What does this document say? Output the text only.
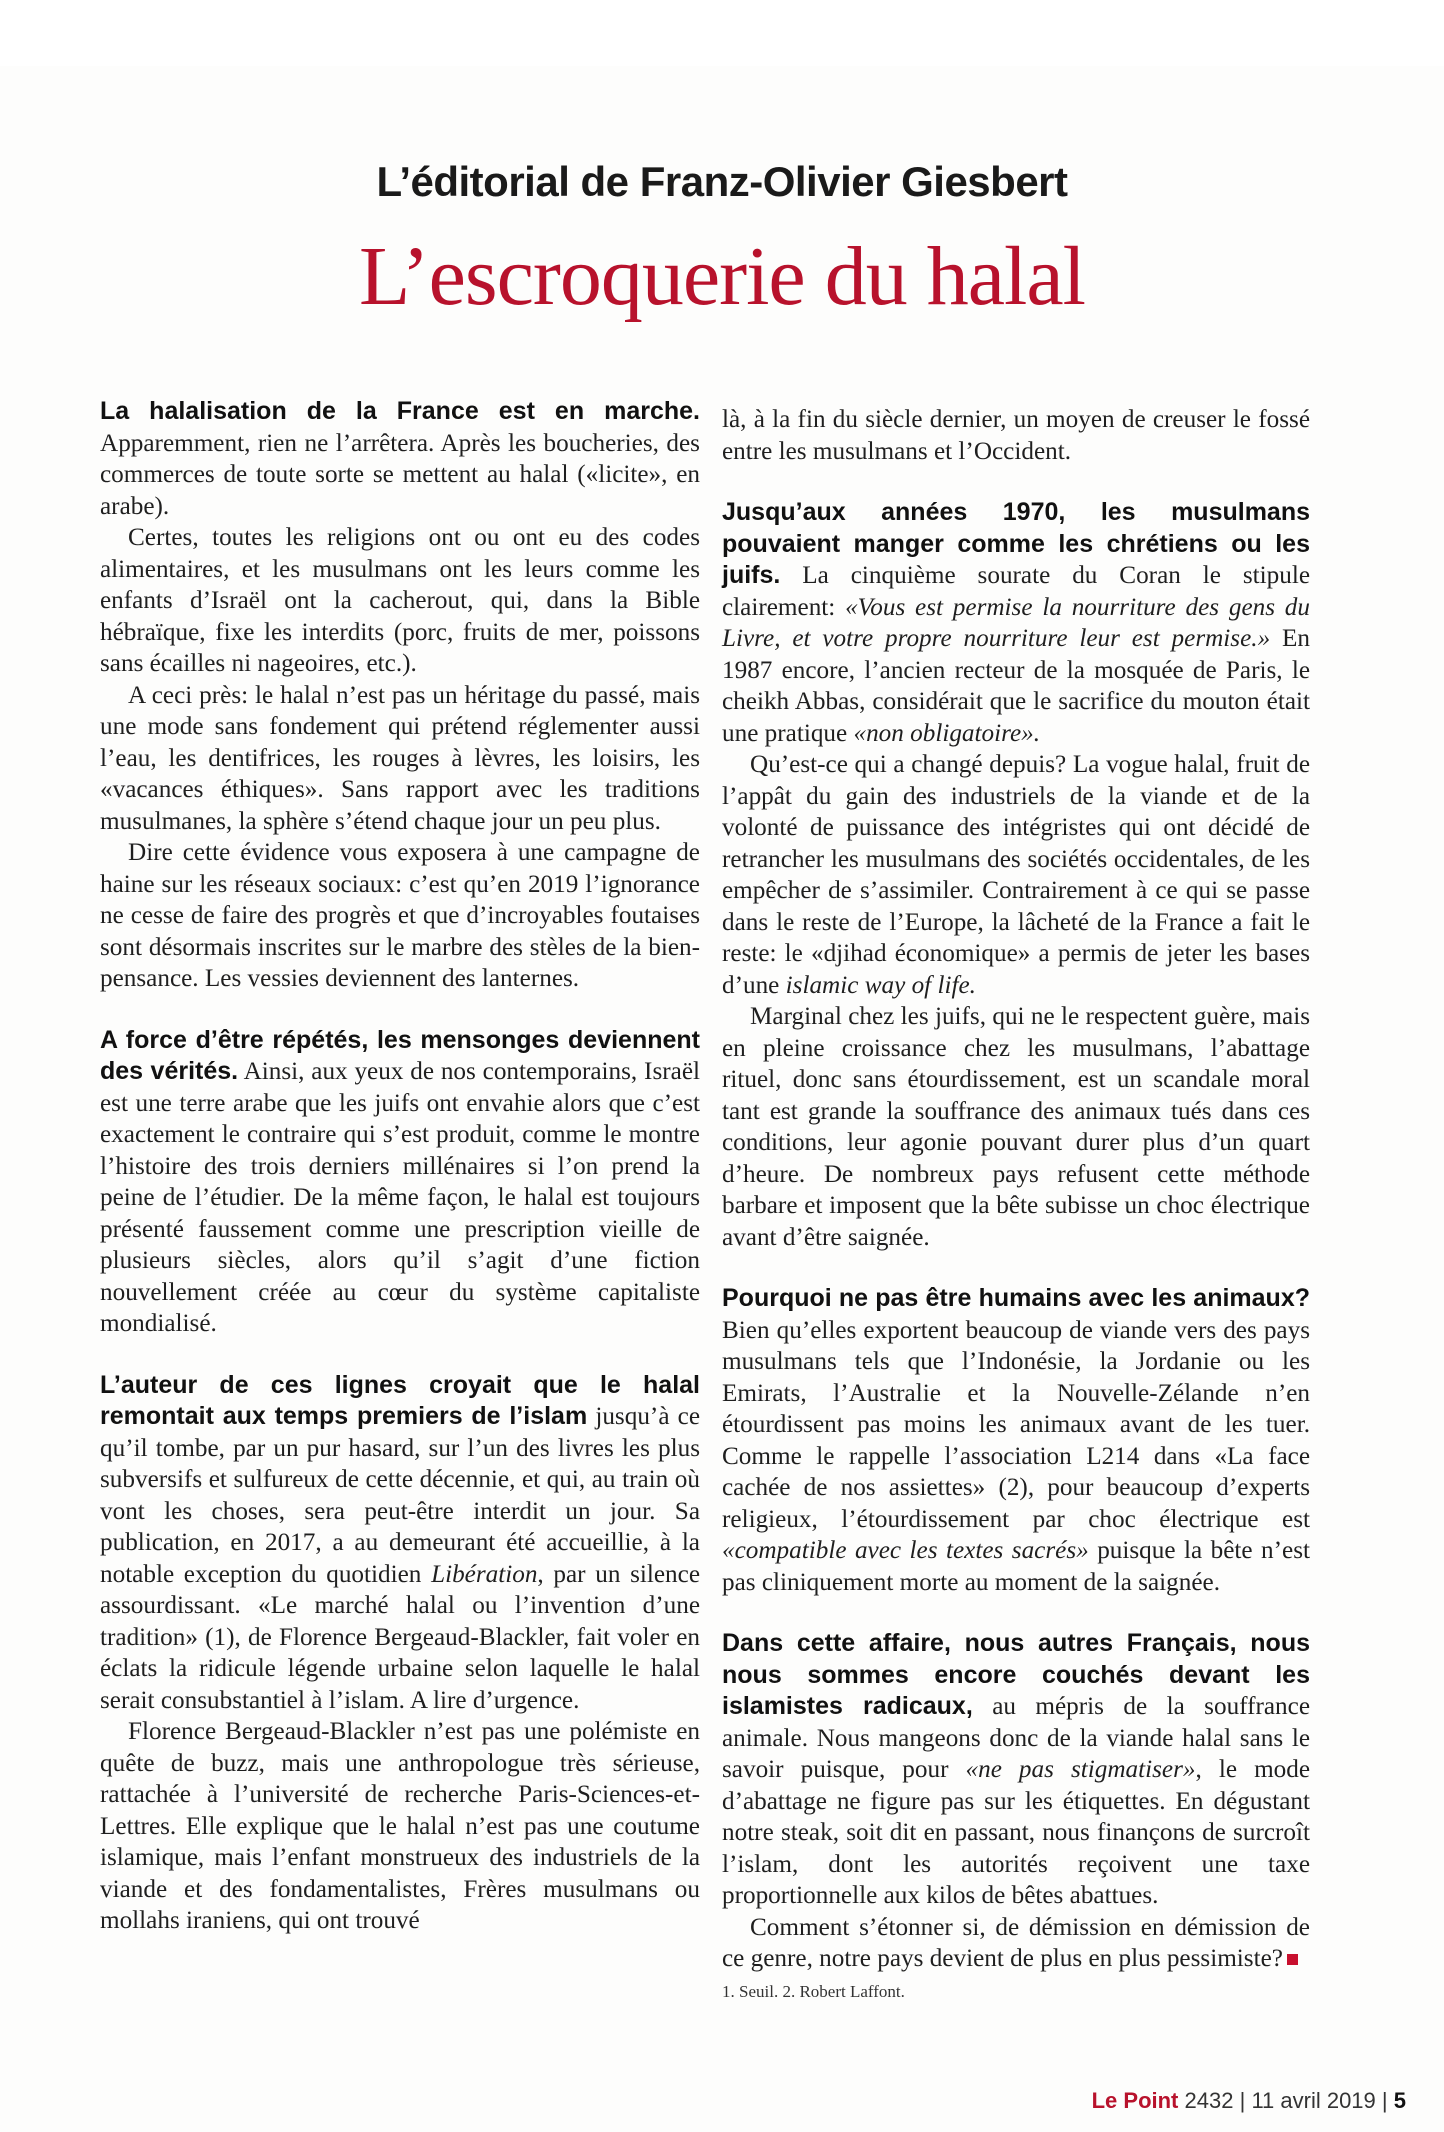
L’éditorial de Franz-Olivier Giesbert
L’escroquerie du halal

La halalisation de la France est en marche. Apparemment, rien ne l’arrêtera. Après les boucheries, des commerces de toute sorte se mettent au halal («licite», en arabe).

Certes, toutes les religions ont ou ont eu des codes alimentaires, et les musulmans ont les leurs comme les enfants d’Israël ont la cacherout, qui, dans la Bible hébraïque, fixe les interdits (porc, fruits de mer, poissons sans écailles ni nageoires, etc.).

A ceci près: le halal n’est pas un héritage du passé, mais une mode sans fondement qui prétend réglementer aussi l’eau, les dentifrices, les rouges à lèvres, les loisirs, les «vacances éthiques». Sans rapport avec les traditions musulmanes, la sphère s’étend chaque jour un peu plus.

Dire cette évidence vous exposera à une campagne de haine sur les réseaux sociaux: c’est qu’en 2019 l’ignorance ne cesse de faire des progrès et que d’incroyables foutaises sont désormais inscrites sur le marbre des stèles de la bien-pensance. Les vessies deviennent des lanternes.

A force d’être répétés, les mensonges deviennent des vérités. Ainsi, aux yeux de nos contemporains, Israël est une terre arabe que les juifs ont envahie alors que c’est exactement le contraire qui s’est produit, comme le montre l’histoire des trois derniers millénaires si l’on prend la peine de l’étudier. De la même façon, le halal est toujours présenté faussement comme une prescription vieille de plusieurs siècles, alors qu’il s’agit d’une fiction nouvellement créée au cœur du système capitaliste mondialisé.

L’auteur de ces lignes croyait que le halal remontait aux temps premiers de l’islam jusqu’à ce qu’il tombe, par un pur hasard, sur l’un des livres les plus subversifs et sulfureux de cette décennie, et qui, au train où vont les choses, sera peut-être interdit un jour. Sa publication, en 2017, a au demeurant été accueillie, à la notable exception du quotidien Libération, par un silence assourdissant. «Le marché halal ou l’invention d’une tradition» (1), de Florence Bergeaud-Blackler, fait voler en éclats la ridicule légende urbaine selon laquelle le halal serait consubstantiel à l’islam. A lire d’urgence.

Florence Bergeaud-Blackler n’est pas une polémiste en quête de buzz, mais une anthropologue très sérieuse, rattachée à l’université de recherche Paris-Sciences-et-Lettres. Elle explique que le halal n’est pas une coutume islamique, mais l’enfant monstrueux des industriels de la viande et des fondamentalistes, Frères musulmans ou mollahs iraniens, qui ont trouvé

là, à la fin du siècle dernier, un moyen de creuser le fossé entre les musulmans et l’Occident.

Jusqu’aux années 1970, les musulmans pouvaient manger comme les chrétiens ou les juifs. La cinquième sourate du Coran le stipule clairement: «Vous est permise la nourriture des gens du Livre, et votre propre nourriture leur est permise.» En 1987 encore, l’ancien recteur de la mosquée de Paris, le cheikh Abbas, considérait que le sacrifice du mouton était une pratique «non obligatoire».

Qu’est-ce qui a changé depuis? La vogue halal, fruit de l’appât du gain des industriels de la viande et de la volonté de puissance des intégristes qui ont décidé de retrancher les musulmans des sociétés occidentales, de les empêcher de s’assimiler. Contrairement à ce qui se passe dans le reste de l’Europe, la lâcheté de la France a fait le reste: le «djihad économique» a permis de jeter les bases d’une islamic way of life.

Marginal chez les juifs, qui ne le respectent guère, mais en pleine croissance chez les musulmans, l’abattage rituel, donc sans étourdissement, est un scandale moral tant est grande la souffrance des animaux tués dans ces conditions, leur agonie pouvant durer plus d’un quart d’heure. De nombreux pays refusent cette méthode barbare et imposent que la bête subisse un choc électrique avant d’être saignée.

Pourquoi ne pas être humains avec les animaux? Bien qu’elles exportent beaucoup de viande vers des pays musulmans tels que l’Indonésie, la Jordanie ou les Emirats, l’Australie et la Nouvelle-Zélande n’en étourdissent pas moins les animaux avant de les tuer. Comme le rappelle l’association L214 dans «La face cachée de nos assiettes» (2), pour beaucoup d’experts religieux, l’étourdissement par choc électrique est «compatible avec les textes sacrés» puisque la bête n’est pas cliniquement morte au moment de la saignée.

Dans cette affaire, nous autres Français, nous nous sommes encore couchés devant les islamistes radicaux, au mépris de la souffrance animale. Nous mangeons donc de la viande halal sans le savoir puisque, pour «ne pas stigmatiser», le mode d’abattage ne figure pas sur les étiquettes. En dégustant notre steak, soit dit en passant, nous finançons de surcroît l’islam, dont les autorités reçoivent une taxe proportionnelle aux kilos de bêtes abattues.

Comment s’étonner si, de démission en démission de ce genre, notre pays devient de plus en plus pessimiste?

1. Seuil. 2. Robert Laffont.
Le Point 2432 | 11 avril 2019 | 5
